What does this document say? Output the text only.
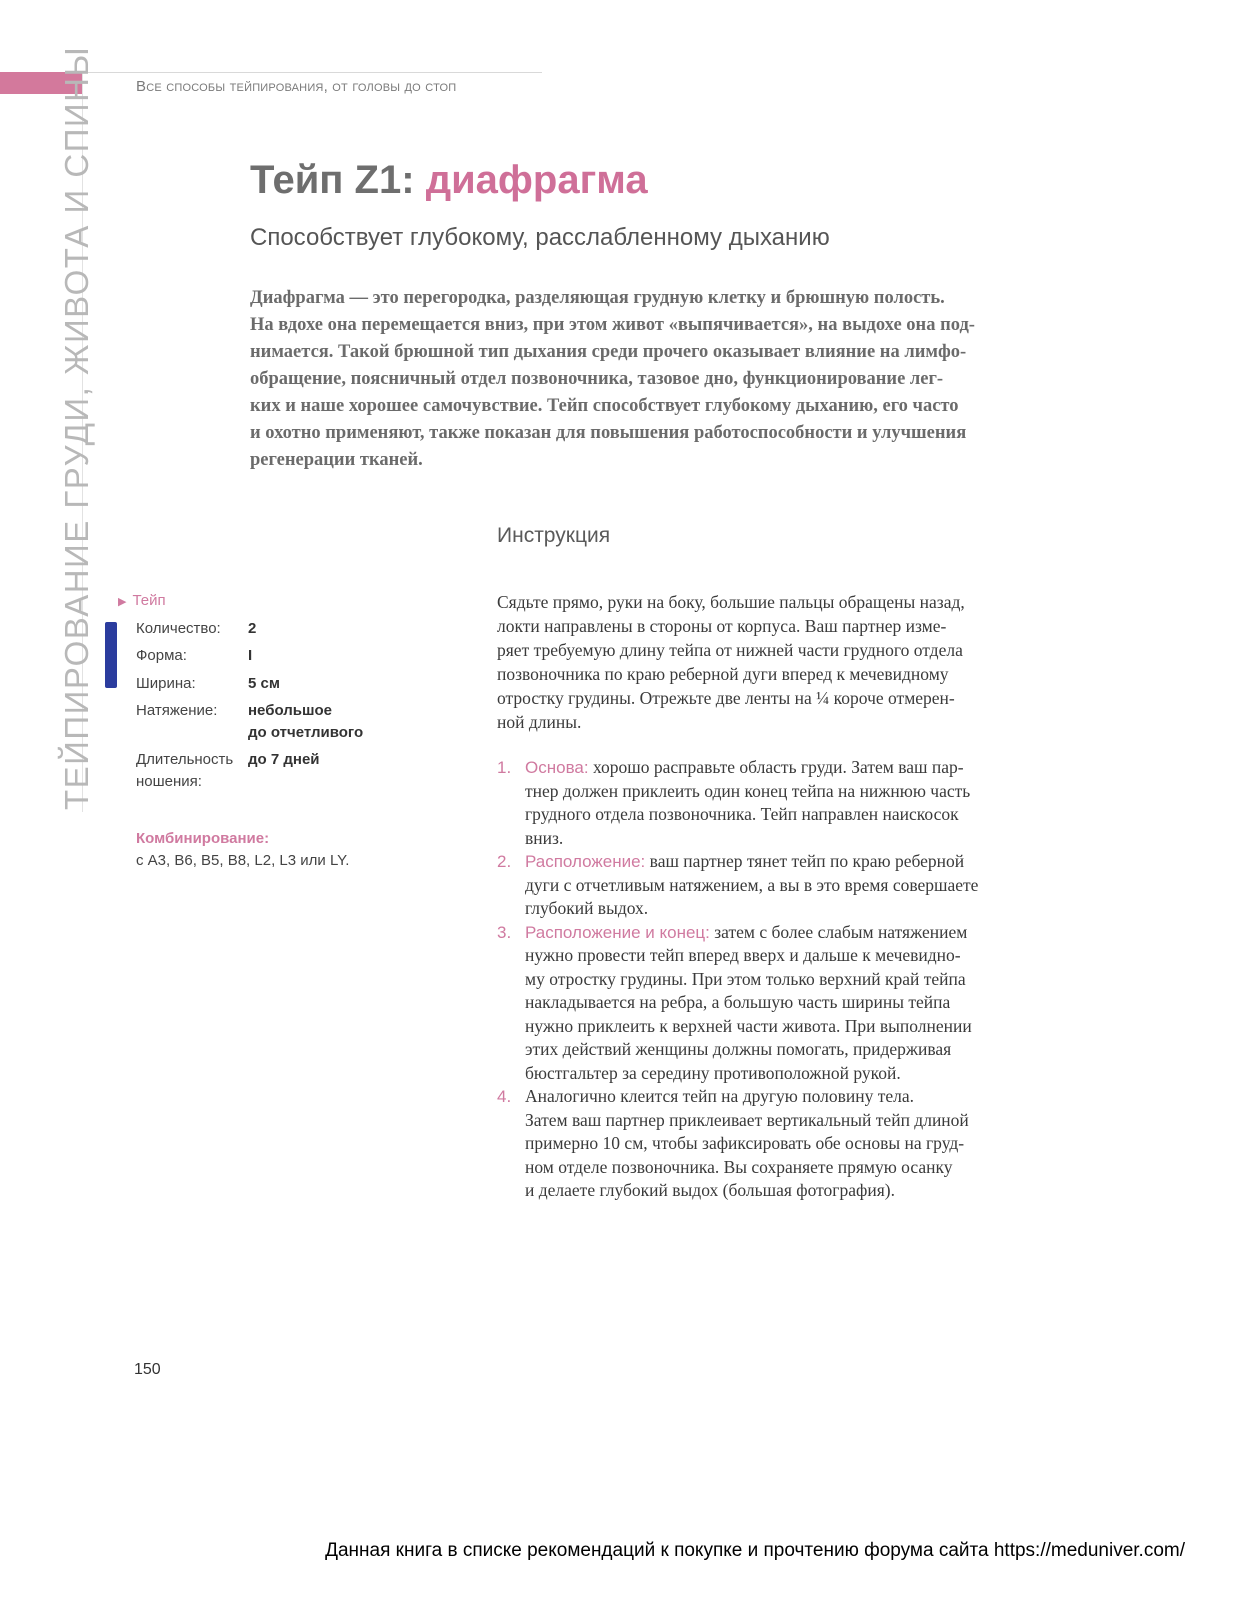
Все способы тейпирования, от головы до стоп
ТЕЙПИРОВАНИЕ ГРУДИ, ЖИВОТА И СПИНЫ	Тейп Z1: диафрагма
Способствует глубокому, расслабленному дыханию
Диафрагма — это перегородка, разделяющая грудную клетку и брюшную полость.
На вдохе она перемещается вниз, при этом живот «выпячивается», на выдохе она под-
нимается. Такой брюшной тип дыхания среди прочего оказывает влияние на лимфо-
обращение, поясничный отдел позвоночника, тазовое дно, функционирование лег-
ких и наше хорошее самочувствие. Тейп способствует глубокому дыханию, его часто
и охотно применяют, также показан для повышения работоспособности и улучшения
регенерации тканей.
Инструкция
▶ Тейп
Количество: 2
Форма:	I
Ширина:	5 см
Натяжение: небольшое
до отчетливого
Длительность
ношения:до 7 дней
Комбинирование:
с А3, В6, В5, В8, L2, L3 или LY.
Сядьте прямо, руки на боку, большие пальцы обращены назад,
локти направлены в стороны от корпуса. Ваш партнер изме-
ряет требуемую длину тейпа от нижней части грудного отдела
позвоночника по краю реберной дуги вперед к мечевидному
отростку грудины. Отрежьте две ленты на ¼ короче отмерен-
ной длины.
1. Основа: хорошо расправьте область груди. Затем ваш пар-
тнер должен приклеить один конец тейпа на нижнюю часть
грудного отдела позвоночника. Тейп направлен наискосок
вниз.
2. Расположение: ваш партнер тянет тейп по краю реберной
дуги с отчетливым натяжением, а вы в это время совершаете
глубокий выдох.
3. Расположение и конец: затем с более слабым натяжением
нужно провести тейп вперед вверх и дальше к мечевидно-
му отростку грудины. При этом только верхний край тейпа
накладывается на ребра, а большую часть ширины тейпа
нужно приклеить к верхней части живота. При выполнении
этих действий женщины должны помогать, придерживая
бюстгальтер за середину противоположной рукой.
4. Аналогично клеится тейп на другую половину тела.
Затем ваш партнер приклеивает вертикальный тейп длиной
примерно 10 см, чтобы зафиксировать обе основы на груд-
ном отделе позвоночника. Вы сохраняете прямую осанку
и делаете глубокий выдох (большая фотография).
150
Данная книга в списке рекомендаций к покупке и прочтению форума сайта https://meduniver.com/
